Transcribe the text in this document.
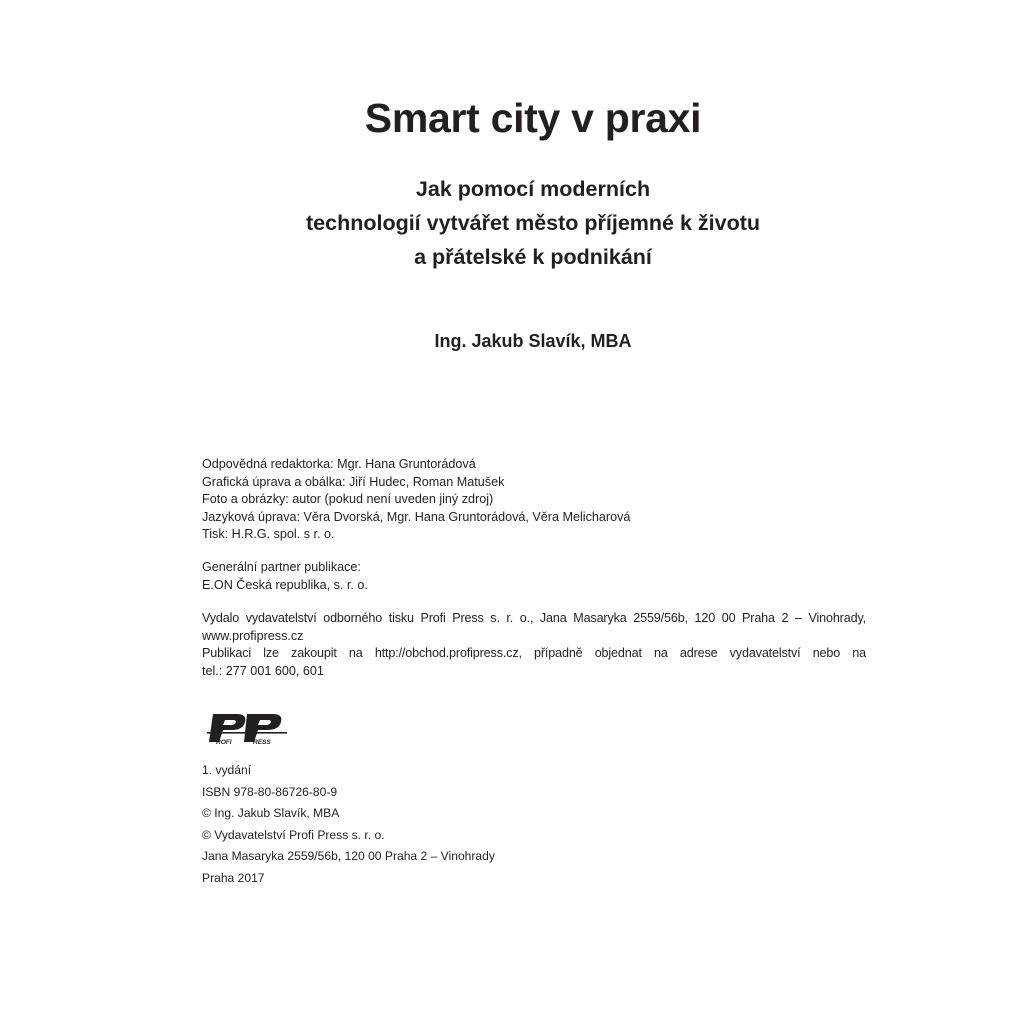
Smart city v praxi
Jak pomocí moderních
technologií vytvářet město příjemné k životu
a přátelské k podnikání
Ing. Jakub Slavík, MBA
Odpovědná redaktorka: Mgr. Hana Gruntorádová
Grafická úprava a obálka: Jiří Hudec, Roman Matušek
Foto a obrázky: autor (pokud není uveden jiný zdroj)
Jazyková úprava: Věra Dvorská, Mgr. Hana Gruntorádová, Věra Melicharová
Tisk: H.R.G. spol. s r. o.
Generální partner publikace:
E.ON Česká republika, s. r. o.
Vydalo vydavatelství odborného tisku Profi Press s. r. o., Jana Masaryka 2559/56b, 120 00 Praha 2 – Vinohrady,
www.profipress.cz
Publikaci lze zakoupit na http://obchod.profipress.cz, případně objednat na adrese vydavatelství nebo na
tel.: 277 001 600, 601
ROFI	RESS
1. vydání
ISBN 978-80-86726-80-9
© Ing. Jakub Slavík, MBA
© Vydavatelství Profi Press s. r. o.
Jana Masaryka 2559/56b, 120 00 Praha 2 – Vinohrady
Praha 2017
